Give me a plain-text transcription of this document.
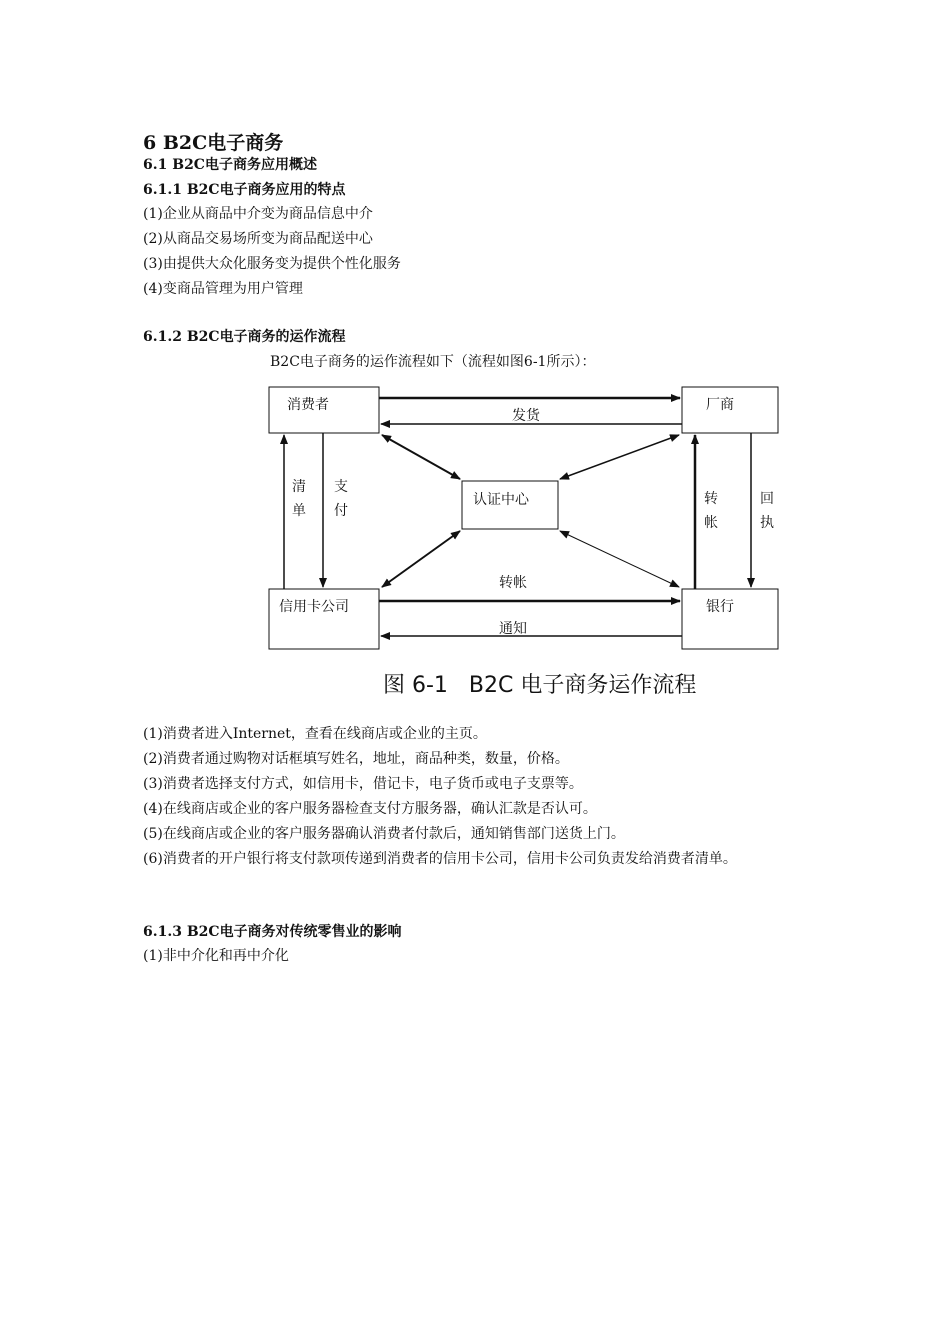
6 B2C电子商务
6.1 B2C电子商务应用概述
6.1.1 B2C电子商务应用的特点

(1)企业从商品中介变为商品信息中介

(2)从商品交易场所变为商品配送中心

(3)由提供大众化服务变为提供个性化服务

(4)变商品管理为用户管理

6.1.2 B2C电子商务的运作流程

B2C电子商务的运作流程如下（流程如图6-1所示）：

消费者	厂商
认证中心
信用卡公司	银行
发货
清
单
支
付
转
帐
回
执
转帐
通知
图 6-1   B2C 电子商务运作流程

(1)消费者进入Internet，查看在线商店或企业的主页。

(2)消费者通过购物对话框填写姓名，地址，商品种类，数量，价格。

(3)消费者选择支付方式，如信用卡，借记卡，电子货币或电子支票等。

(4)在线商店或企业的客户服务器检查支付方服务器，确认汇款是否认可。

(5)在线商店或企业的客户服务器确认消费者付款后，通知销售部门送货上门。

(6)消费者的开户银行将支付款项传递到消费者的信用卡公司，信用卡公司负责发给消费者清单。

6.1.3 B2C电子商务对传统零售业的影响

(1)非中介化和再中介化
